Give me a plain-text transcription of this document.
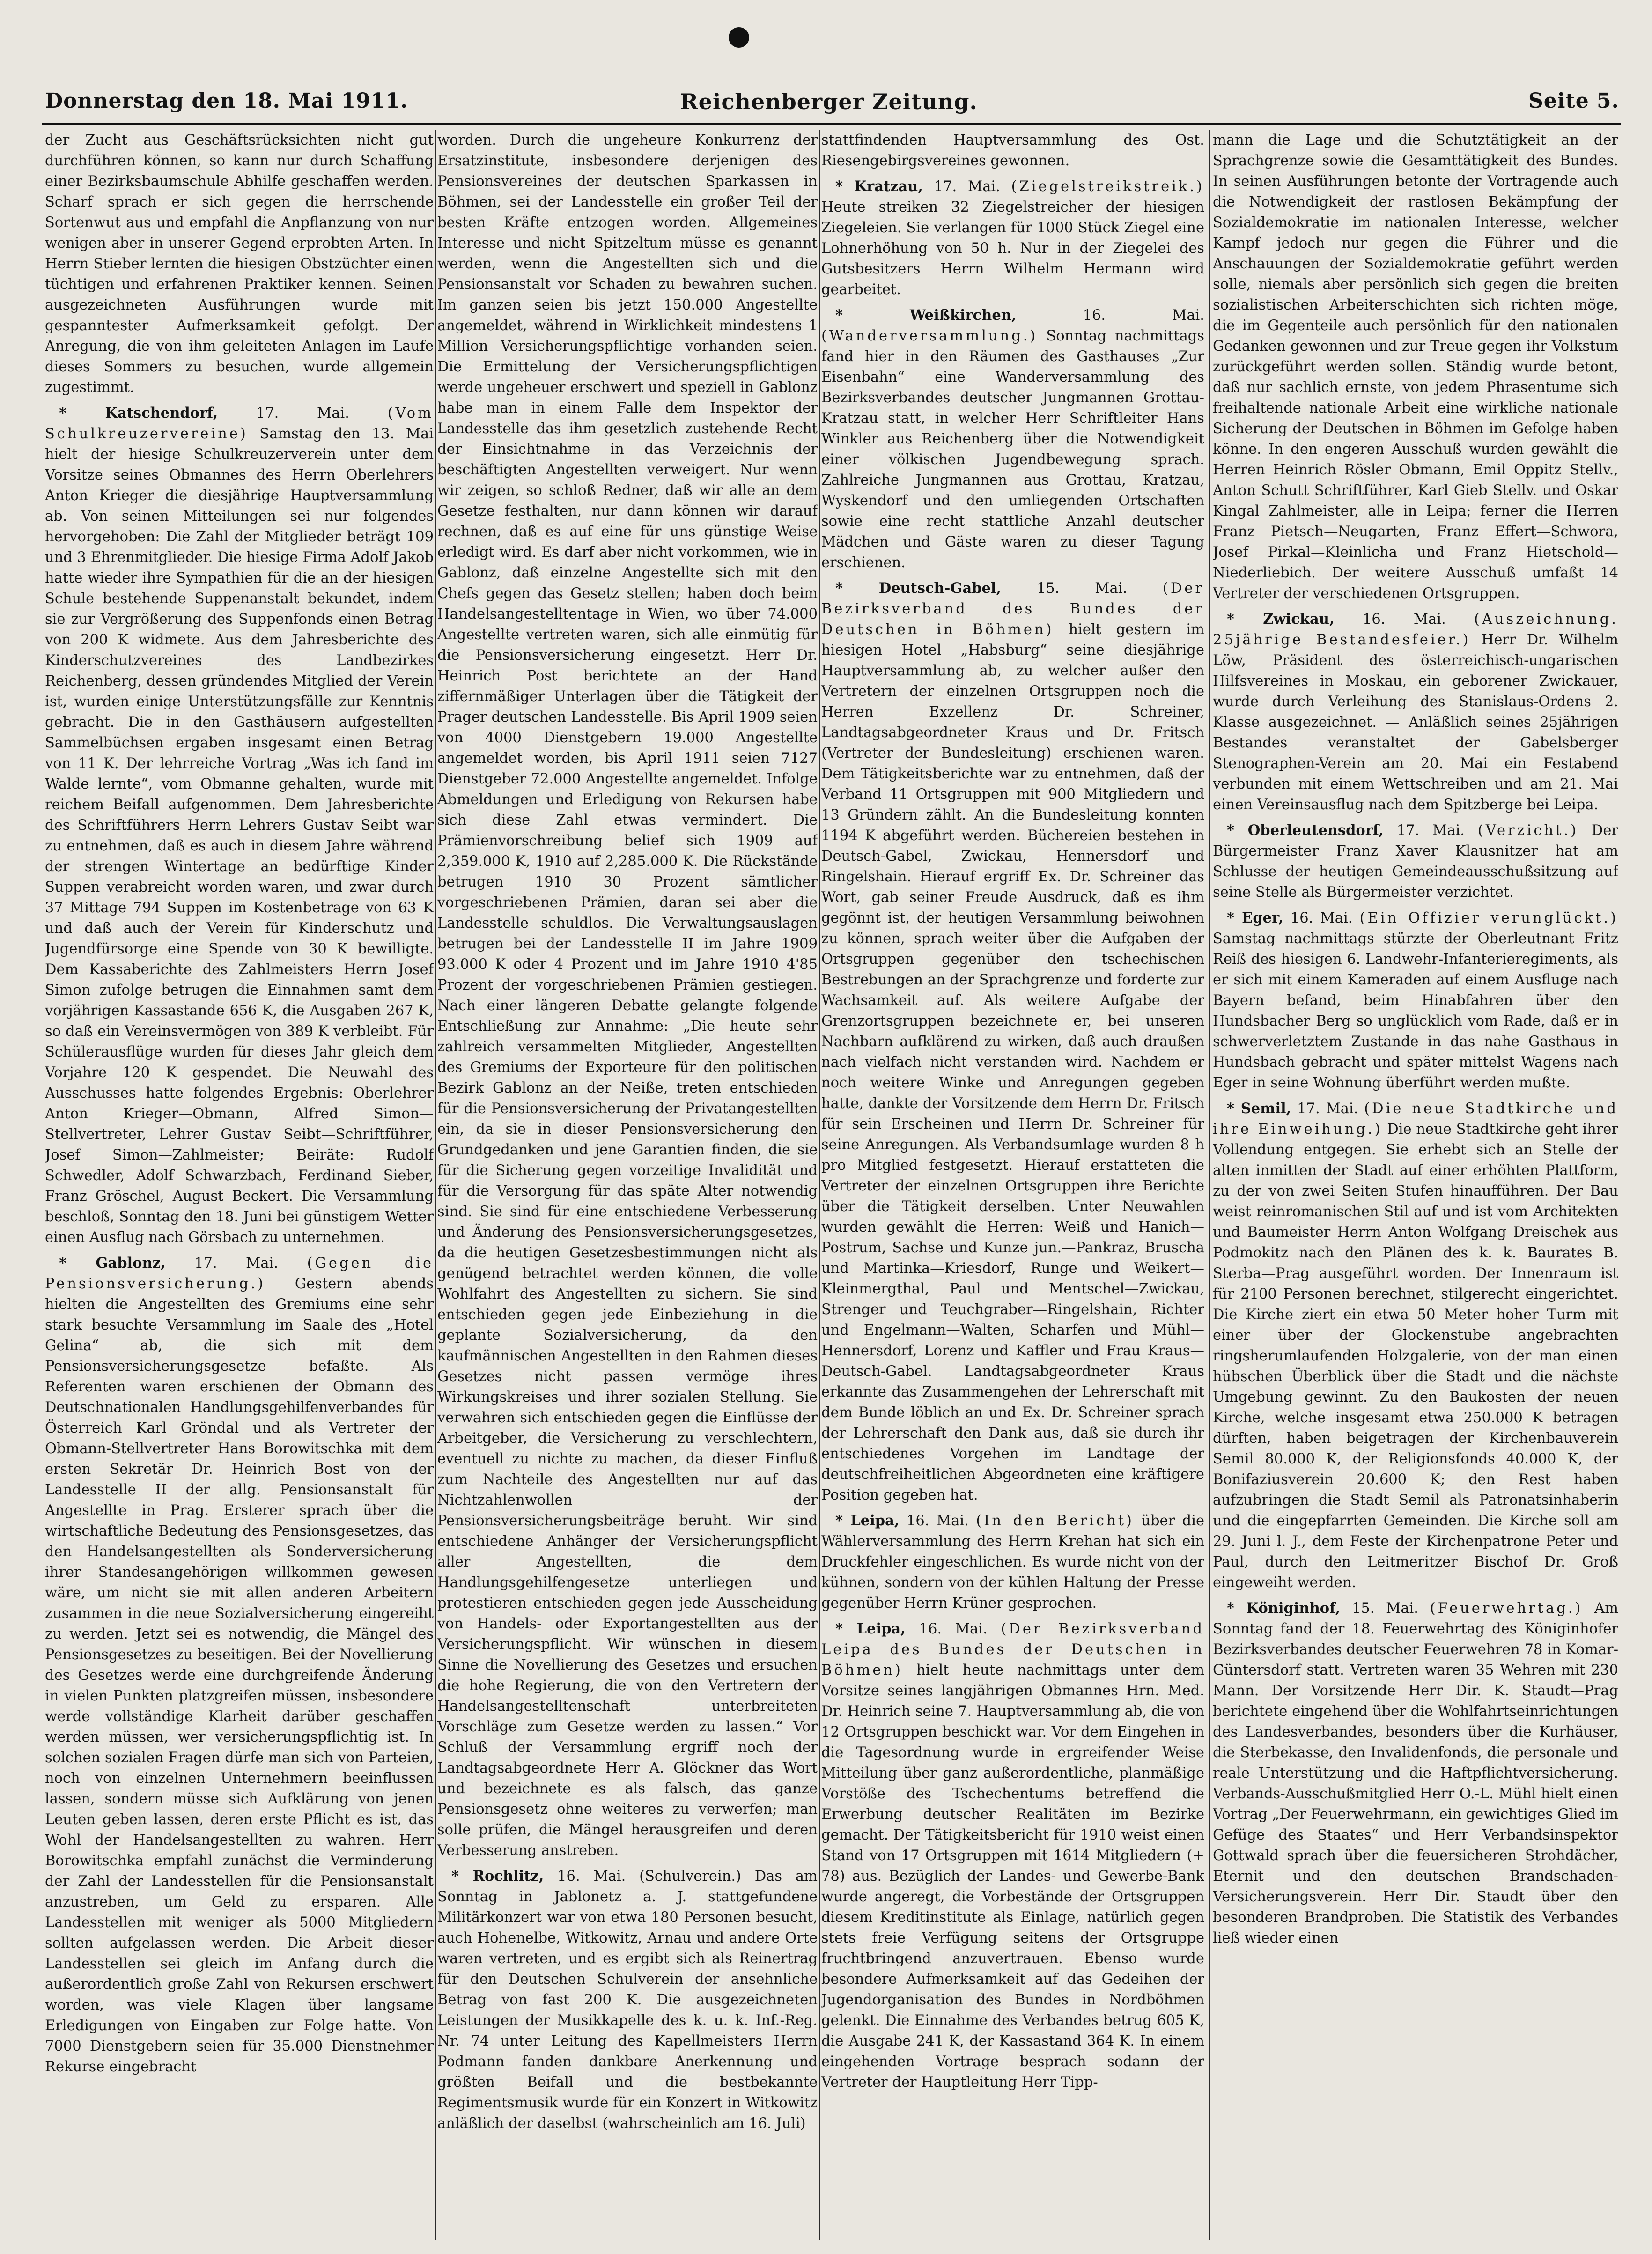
Donnerstag den 18. Mai 1911.	Reichenberger Zeitung.	Seite 5.

der Zucht aus Geschäftsrücksichten nicht gut durchführen können, so kann nur durch Schaffung einer Bezirksbaumschule Abhilfe geschaffen werden. Scharf sprach er sich gegen die herrschende Sortenwut aus und empfahl die Anpflanzung von nur wenigen aber in unserer Gegend erprobten Arten. In Herrn Stieber lernten die hiesigen Obstzüchter einen tüchtigen und erfahrenen Praktiker kennen. Seinen ausgezeichneten Ausführungen wurde mit gespanntester Aufmerksamkeit gefolgt. Der Anregung, die von ihm geleiteten Anlagen im Laufe dieses Sommers zu besuchen, wurde allgemein zugestimmt.

* Katschendorf,	17. Mai.	(Vom Schulkreuzervereine) Samstag den 13. Mai hielt der hiesige Schulkreuzerverein unter dem Vorsitze seines Obmannes des Herrn Oberlehrers Anton Krieger die diesjährige Hauptversammlung ab. Von seinen Mitteilungen sei nur folgendes hervorgehoben: Die Zahl der Mitglieder beträgt 109 und 3 Ehrenmitglieder. Die hiesige Firma Adolf Jakob hatte wieder ihre Sympathien für die an der hiesigen Schule bestehende Suppenanstalt bekundet, indem sie zur Vergrößerung des Suppenfonds einen Betrag von 200 K widmete. Aus dem Jahresberichte des Kinderschutzvereines des Landbezirkes Reichenberg, dessen gründendes Mitglied der Verein ist, wurden einige Unterstützungsfälle zur Kenntnis gebracht. Die in den Gasthäusern aufgestellten Sammelbüchsen ergaben insgesamt einen Betrag von 11 K. Der lehrreiche Vortrag „Was ich fand im Walde lernte“, vom Obmanne gehalten, wurde mit reichem Beifall aufgenommen. Dem Jahresberichte des Schriftführers Herrn Lehrers Gustav Seibt war zu entnehmen, daß es auch in diesem Jahre während der strengen Wintertage an bedürftige Kinder Suppen verabreicht worden waren, und zwar durch 37 Mittage 794 Suppen im Kostenbetrage von 63 K und daß auch der Verein für Kinderschutz und Jugendfürsorge eine Spende von 30 K bewilligte. Dem Kassaberichte des Zahlmeisters Herrn Josef Simon zufolge betrugen die Einnahmen samt dem vorjährigen Kassastande 656 K, die Ausgaben 267 K, so daß ein Vereinsvermögen von 389 K verbleibt. Für Schülerausflüge wurden für dieses Jahr gleich dem Vorjahre 120 K gespendet. Die Neuwahl des Ausschusses hatte folgendes Ergebnis: Oberlehrer Anton Krieger—Obmann, Alfred Simon—Stellvertreter, Lehrer Gustav Seibt—Schriftführer, Josef Simon—Zahlmeister; Beiräte: Rudolf Schwedler, Adolf Schwarzbach, Ferdinand Sieber, Franz Gröschel, August Beckert. Die Versammlung beschloß, Sonntag den 18. Juni bei günstigem Wetter einen Ausflug nach Görsbach zu unternehmen.

* Gablonz, 17. Mai. (Gegen die Pensionsversicherung.) Gestern abends hielten die Angestellten des Gremiums eine sehr stark besuchte Versammlung im Saale des „Hotel Gelina“ ab, die sich mit dem Pensionsversicherungsgesetze befaßte. Als Referenten waren erschienen der Obmann des Deutschnationalen Handlungsgehilfenverbandes für Österreich Karl Gröndal und als Vertreter der Obmann-Stellvertreter Hans Borowitschka mit dem ersten Sekretär Dr. Heinrich Bost von der Landesstelle II der allg. Pensionsanstalt für Angestellte in Prag. Ersterer sprach über die wirtschaftliche Bedeutung des Pensionsgesetzes, das den Handelsangestellten als Sonderversicherung ihrer Standesangehörigen willkommen gewesen wäre, um nicht sie mit allen anderen Arbeitern zusammen in die neue Sozialversicherung eingereiht zu werden. Jetzt sei es notwendig, die Mängel des Pensionsgesetzes zu beseitigen. Bei der Novellierung des Gesetzes werde eine durchgreifende Änderung in vielen Punkten platzgreifen müssen, insbesondere werde vollständige Klarheit darüber geschaffen werden müssen, wer versicherungspflichtig ist. In solchen sozialen Fragen dürfe man sich von Parteien, noch von einzelnen Unternehmern beeinflussen lassen, sondern müsse sich Aufklärung von jenen Leuten geben lassen, deren erste Pflicht es ist, das Wohl der Handelsangestellten zu wahren. Herr Borowitschka empfahl zunächst die Verminderung der Zahl der Landesstellen für die Pensionsanstalt anzustreben, um Geld zu ersparen. Alle Landesstellen mit weniger als 5000 Mitgliedern sollten aufgelassen werden. Die Arbeit dieser Landesstellen sei gleich im Anfang durch die außerordentlich große Zahl von Rekursen erschwert worden, was viele Klagen über langsame Erledigungen von Eingaben zur Folge hatte. Von 7000 Dienstgebern seien für 35.000 Dienstnehmer Rekurse eingebracht

worden. Durch die ungeheure Konkurrenz der Ersatzinstitute, insbesondere derjenigen des Pensionsvereines der deutschen Sparkassen in Böhmen, sei der Landesstelle ein großer Teil der besten Kräfte entzogen worden. Allgemeines Interesse und nicht Spitzeltum müsse es genannt werden, wenn die Angestellten sich und die Pensionsanstalt vor Schaden zu bewahren suchen. Im ganzen seien bis jetzt 150.000 Angestellte angemeldet, während in Wirklichkeit mindestens 1 Million Versicherungspflichtige vorhanden seien. Die Ermittelung der Versicherungspflichtigen werde ungeheuer erschwert und speziell in Gablonz habe man in einem Falle dem Inspektor der Landesstelle das ihm gesetzlich zustehende Recht der Einsichtnahme in das Verzeichnis der beschäftigten Angestellten verweigert. Nur wenn wir zeigen, so schloß Redner, daß wir alle an dem Gesetze festhalten, nur dann können wir darauf rechnen, daß es auf eine für uns günstige Weise erledigt wird. Es darf aber nicht vorkommen, wie in Gablonz, daß einzelne Angestellte sich mit den Chefs gegen das Gesetz stellen; haben doch beim Handelsangestelltentage in Wien, wo über 74.000 Angestellte vertreten waren, sich alle einmütig für die Pensionsversicherung eingesetzt. Herr Dr. Heinrich Post berichtete an der Hand ziffernmäßiger Unterlagen über die Tätigkeit der Prager deutschen Landesstelle. Bis April 1909 seien von 4000 Dienstgebern 19.000 Angestellte angemeldet worden, bis April 1911 seien 7127 Dienstgeber 72.000 Angestellte angemeldet. Infolge Abmeldungen und Erledigung von Rekursen habe sich diese Zahl etwas vermindert. Die Prämienvorschreibung belief sich 1909 auf 2,359.000 K, 1910 auf 2,285.000 K. Die Rückstände betrugen 1910 30 Prozent sämtlicher vorgeschriebenen Prämien, daran sei aber die Landesstelle schuldlos. Die Verwaltungsauslagen betrugen bei der Landesstelle II im Jahre 1909 93.000 K oder 4 Prozent und im Jahre 1910 4'85 Prozent der vorgeschriebenen Prämien gestiegen. Nach einer längeren Debatte gelangte folgende Entschließung zur Annahme: „Die heute sehr zahlreich versammelten Mitglieder, Angestellten des Gremiums der Exporteure für den politischen Bezirk Gablonz an der Neiße, treten entschieden für die Pensionsversicherung der Privatangestellten ein, da sie in dieser Pensionsversicherung den Grundgedanken und jene Garantien finden, die sie für die Sicherung gegen vorzeitige Invalidität und für die Versorgung für das späte Alter notwendig sind. Sie sind für eine entschiedene Verbesserung und Änderung des Pensionsversicherungsgesetzes, da die heutigen Gesetzesbestimmungen nicht als genügend betrachtet werden können, die volle Wohlfahrt des Angestellten zu sichern. Sie sind entschieden gegen jede Einbeziehung in die geplante Sozialversicherung, da den kaufmännischen Angestellten in den Rahmen dieses Gesetzes nicht passen vermöge ihres Wirkungskreises und ihrer sozialen Stellung. Sie verwahren sich entschieden gegen die Einflüsse der Arbeitgeber, die Versicherung zu verschlechtern, eventuell zu nichte zu machen, da dieser Einfluß zum Nachteile des Angestellten nur auf das Nichtzahlenwollen der Pensionsversicherungsbeiträge beruht. Wir sind entschiedene Anhänger der Versicherungspflicht aller Angestellten, die dem Handlungsgehilfengesetze unterliegen und protestieren entschieden gegen jede Ausscheidung von Handels- oder Exportangestellten aus der Versicherungspflicht. Wir wünschen in diesem Sinne die Novellierung des Gesetzes und ersuchen die hohe Regierung, die von den Vertretern der Handelsangestelltenschaft unterbreiteten Vorschläge zum Gesetze werden zu lassen.“ Vor Schluß der Versammlung ergriff noch der Landtagsabgeordnete Herr A. Glöckner das Wort und bezeichnete es als falsch, das ganze Pensionsgesetz ohne weiteres zu verwerfen; man solle prüfen, die Mängel herausgreifen und deren Verbesserung anstreben.

* Rochlitz, 16. Mai. (Schulverein.) Das am Sonntag in Jablonetz a. J. stattgefundene Militärkonzert war von etwa 180 Personen besucht, auch Hohenelbe, Witkowitz, Arnau und andere Orte waren vertreten, und es ergibt sich als Reinertrag für den Deutschen Schulverein der ansehnliche Betrag von fast 200 K. Die ausgezeichneten Leistungen der Musikkapelle des k. u. k. Inf.-Reg. Nr. 74 unter Leitung des Kapellmeisters Herrn Podmann fanden dankbare Anerkennung und größten Beifall und die bestbekannte Regimentsmusik wurde für ein Konzert in Witkowitz anläßlich der daselbst (wahrscheinlich am 16. Juli)

stattfindenden Hauptversammlung des Ost. Riesengebirgsvereines gewonnen.

* Kratzau, 17. Mai. (Ziegelstreikstreik.) Heute streiken 32 Ziegelstreicher der hiesigen Ziegeleien. Sie verlangen für 1000 Stück Ziegel eine Lohnerhöhung von 50 h. Nur in der Ziegelei des Gutsbesitzers Herrn Wilhelm Hermann wird gearbeitet.

* Weißkirchen,	16. Mai. (Wanderversammlung.) Sonntag nachmittags fand hier in den Räumen des Gasthauses „Zur Eisenbahn“ eine Wanderversammlung des Bezirksverbandes deutscher Jungmannen Grottau-Kratzau statt, in welcher Herr Schriftleiter Hans Winkler aus Reichenberg über die Notwendigkeit einer völkischen Jugendbewegung sprach. Zahlreiche Jungmannen aus Grottau, Kratzau, Wyskendorf und den umliegenden Ortschaften sowie eine recht stattliche Anzahl deutscher Mädchen und Gäste waren zu dieser Tagung erschienen.

* Deutsch-Gabel, 15. Mai. (Der Bezirksverband des Bundes der Deutschen in Böhmen) hielt gestern im hiesigen Hotel „Habsburg“ seine diesjährige Hauptversammlung ab, zu welcher außer den Vertretern der einzelnen Ortsgruppen noch die Herren Exzellenz Dr. Schreiner, Landtagsabgeordneter Kraus und Dr. Fritsch (Vertreter der Bundesleitung) erschienen waren. Dem Tätigkeitsberichte war zu entnehmen, daß der Verband 11 Ortsgruppen mit 900 Mitgliedern und 13 Gründern zählt. An die Bundesleitung konnten 1194 K abgeführt werden. Büchereien bestehen in Deutsch-Gabel, Zwickau, Hennersdorf und Ringelshain. Hierauf ergriff Ex. Dr. Schreiner das Wort, gab seiner Freude Ausdruck, daß es ihm gegönnt ist, der heutigen Versammlung beiwohnen zu können, sprach weiter über die Aufgaben der Ortsgruppen gegenüber den tschechischen Bestrebungen an der Sprachgrenze und forderte zur Wachsamkeit auf. Als weitere Aufgabe der Grenzortsgruppen bezeichnete er, bei unseren Nachbarn aufklärend zu wirken, daß auch draußen nach vielfach nicht verstanden wird. Nachdem er noch weitere Winke und Anregungen gegeben hatte, dankte der Vorsitzende dem Herrn Dr. Fritsch für sein Erscheinen und Herrn Dr. Schreiner für seine Anregungen. Als Verbandsumlage wurden 8 h pro Mitglied festgesetzt. Hierauf erstatteten die Vertreter der einzelnen Ortsgruppen ihre Berichte über die Tätigkeit derselben. Unter Neuwahlen wurden gewählt die Herren: Weiß und Hanich—Postrum, Sachse und Kunze jun.—Pankraz, Bruscha und Martinka—Kriesdorf, Runge und Weikert—Kleinmergthal, Paul und Mentschel—Zwickau, Strenger und Teuchgraber—Ringelshain, Richter und Engelmann—Walten, Scharfen und Mühl—Hennersdorf, Lorenz und Kaffler und Frau Kraus—Deutsch-Gabel. Landtagsabgeordneter Kraus erkannte das Zusammengehen der Lehrerschaft mit dem Bunde löblich an und Ex. Dr. Schreiner sprach der Lehrerschaft den Dank aus, daß sie durch ihr entschiedenes Vorgehen im Landtage der deutschfreiheitlichen Abgeordneten eine kräftigere Position gegeben hat.

* Leipa, 16. Mai. (In den Bericht) über die Wählerversammlung des Herrn Krehan hat sich ein Druckfehler eingeschlichen. Es wurde nicht von der kühnen, sondern von der kühlen Haltung der Presse gegenüber Herrn Krüner gesprochen.

* Leipa, 16. Mai. (Der Bezirksverband Leipa des Bundes der Deutschen in Böhmen) hielt heute nachmittags unter dem Vorsitze seines langjährigen Obmannes Hrn. Med. Dr. Heinrich seine 7. Hauptversammlung ab, die von 12 Ortsgruppen beschickt war. Vor dem Eingehen in die Tagesordnung wurde in ergreifender Weise Mitteilung über ganz außerordentliche, planmäßige Vorstöße des Tschechentums betreffend die Erwerbung deutscher Realitäten im Bezirke gemacht. Der Tätigkeitsbericht für 1910 weist einen Stand von 17 Ortsgruppen mit 1614 Mitgliedern (+ 78) aus. Bezüglich der Landes- und Gewerbe-Bank wurde angeregt, die Vorbestände der Ortsgruppen diesem Kreditinstitute als Einlage, natürlich gegen stets freie Verfügung seitens der Ortsgruppe fruchtbringend anzuvertrauen. Ebenso wurde besondere Aufmerksamkeit auf das Gedeihen der Jugendorganisation des Bundes in Nordböhmen gelenkt. Die Einnahme des Verbandes betrug 605 K, die Ausgabe 241 K, der Kassastand 364 K. In einem eingehenden Vortrage besprach sodann der Vertreter der Hauptleitung Herr Tipp-

mann die Lage und die Schutztätigkeit an der Sprachgrenze sowie die Gesamttätigkeit des Bundes. In seinen Ausführungen betonte der Vortragende auch die Notwendigkeit der rastlosen Bekämpfung der Sozialdemokratie im nationalen Interesse, welcher Kampf jedoch nur gegen die Führer und die Anschauungen der Sozialdemokratie geführt werden solle, niemals aber persönlich sich gegen die breiten sozialistischen Arbeiterschichten sich richten möge, die im Gegenteile auch persönlich für den nationalen Gedanken gewonnen und zur Treue gegen ihr Volkstum zurückgeführt werden sollen. Ständig wurde betont, daß nur sachlich ernste, von jedem Phrasentume sich freihaltende nationale Arbeit eine wirkliche nationale Sicherung der Deutschen in Böhmen im Gefolge haben könne. In den engeren Ausschuß wurden gewählt die Herren Heinrich Rösler Obmann, Emil Oppitz Stellv., Anton Schutt Schriftführer, Karl Gieb Stellv. und Oskar Kingal Zahlmeister, alle in Leipa; ferner die Herren Franz Pietsch—Neugarten, Franz Effert—Schwora, Josef Pirkal—Kleinlicha und Franz Hietschold—Niederliebich. Der weitere Ausschuß umfaßt 14 Vertreter der verschiedenen Ortsgruppen.

* Zwickau, 16. Mai. (Auszeichnung. 25jährige Bestandesfeier.) Herr Dr. Wilhelm Löw, Präsident des österreichisch-ungarischen Hilfsvereines in Moskau, ein geborener Zwickauer, wurde durch Verleihung des Stanislaus-Ordens 2. Klasse ausgezeichnet. — Anläßlich seines 25jährigen Bestandes veranstaltet der Gabelsberger Stenographen-Verein am 20. Mai ein Festabend verbunden mit einem Wettschreiben und am 21. Mai einen Vereinsausflug nach dem Spitzberge bei Leipa.

* Oberleutensdorf, 17. Mai. (Verzicht.) Der Bürgermeister Franz Xaver Klausnitzer hat am Schlusse der heutigen Gemeindeausschußsitzung auf seine Stelle als Bürgermeister verzichtet.

* Eger, 16. Mai. (Ein Offizier verunglückt.) Samstag nachmittags stürzte der Oberleutnant Fritz Reiß des hiesigen 6. Landwehr-Infanterieregiments, als er sich mit einem Kameraden auf einem Ausfluge nach Bayern befand, beim Hinabfahren über den Hundsbacher Berg so unglücklich vom Rade, daß er in schwerverletztem Zustande in das nahe Gasthaus in Hundsbach gebracht und später mittelst Wagens nach Eger in seine Wohnung überführt werden mußte.

* Semil, 17. Mai. (Die neue Stadtkirche und ihre Einweihung.) Die neue Stadtkirche geht ihrer Vollendung entgegen. Sie erhebt sich an Stelle der alten inmitten der Stadt auf einer erhöhten Plattform, zu der von zwei Seiten Stufen hinaufführen. Der Bau weist reinromanischen Stil auf und ist vom Architekten und Baumeister Herrn Anton Wolfgang Dreischek aus Podmokitz nach den Plänen des k. k. Baurates B. Sterba—Prag ausgeführt worden. Der Innenraum ist für 2100 Personen berechnet, stilgerecht eingerichtet. Die Kirche ziert ein etwa 50 Meter hoher Turm mit einer über der Glockenstube angebrachten ringsherumlaufenden Holzgalerie, von der man einen hübschen Überblick über die Stadt und die nächste Umgebung gewinnt. Zu den Baukosten der neuen Kirche, welche insgesamt etwa 250.000 K betragen dürften, haben beigetragen der Kirchenbauverein Semil 80.000 K, der Religionsfonds 40.000 K, der Bonifaziusverein 20.600 K; den Rest haben aufzubringen die Stadt Semil als Patronatsinhaberin und die eingepfarrten Gemeinden. Die Kirche soll am 29. Juni l. J., dem Feste der Kirchenpatrone Peter und Paul, durch den Leitmeritzer Bischof Dr. Groß eingeweiht werden.

* Königinhof, 15. Mai. (Feuerwehrtag.) Am Sonntag fand der 18. Feuerwehrtag des Königinhofer Bezirksverbandes deutscher Feuerwehren 78 in Komar-Güntersdorf statt. Vertreten waren 35 Wehren mit 230 Mann. Der Vorsitzende Herr Dir. K. Staudt—Prag berichtete eingehend über die Wohlfahrtseinrichtungen des Landesverbandes, besonders über die Kurhäuser, die Sterbekasse, den Invalidenfonds, die personale und reale Unterstützung und die Haftpflichtversicherung. Verbands-Ausschußmitglied Herr O.-L. Mühl hielt einen Vortrag „Der Feuerwehrmann, ein gewichtiges Glied im Gefüge des Staates“ und Herr Verbandsinspektor Gottwald sprach über die feuersicheren Strohdächer, Eternit und den deutschen Brandschaden-Versicherungsverein. Herr Dir. Staudt über den besonderen Brandproben. Die Statistik des Verbandes ließ wieder einen
